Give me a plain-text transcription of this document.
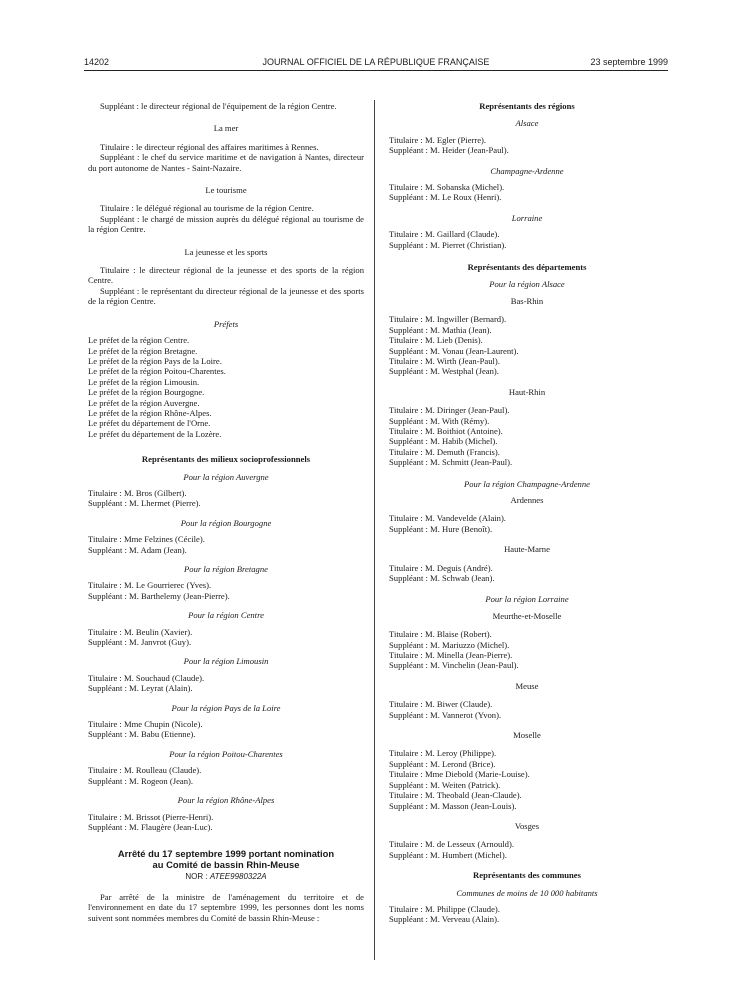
14202	JOURNAL OFFICIEL DE LA RÉPUBLIQUE FRANÇAISE	23 septembre 1999

Suppléant : le directeur régional de l'équipement de la région Centre.

La mer

Titulaire : le directeur régional des affaires maritimes à Rennes.

Suppléant : le chef du service maritime et de navigation à Nantes, directeur du port autonome de Nantes - Saint-Nazaire.

Le tourisme

Titulaire : le délégué régional au tourisme de la région Centre.

Suppléant : le chargé de mission auprès du délégué régional au tourisme de la région Centre.

La jeunesse et les sports

Titulaire : le directeur régional de la jeunesse et des sports de la région Centre.

Suppléant : le représentant du directeur régional de la jeunesse et des sports de la région Centre.

Préfets
Le préfet de la région Centre.
Le préfet de la région Bretagne.
Le préfet de la région Pays de la Loire.
Le préfet de la région Poitou-Charentes.
Le préfet de la région Limousin.
Le préfet de la région Bourgogne.
Le préfet de la région Auvergne.
Le préfet de la région Rhône-Alpes.
Le préfet du département de l'Orne.
Le préfet du département de la Lozère.
Représentants des milieux socioprofessionnels
Pour la région Auvergne
Titulaire : M. Bros (Gilbert).
Suppléant : M. Lhermet (Pierre).
Pour la région Bourgogne
Titulaire : Mme Felzines (Cécile).
Suppléant : M. Adam (Jean).
Pour la région Bretagne
Titulaire : M. Le Gourrierec (Yves).
Suppléant : M. Barthelemy (Jean-Pierre).
Pour la région Centre
Titulaire : M. Beulin (Xavier).
Suppléant : M. Janvrot (Guy).
Pour la région Limousin
Titulaire : M. Souchaud (Claude).
Suppléant : M. Leyrat (Alain).
Pour la région Pays de la Loire
Titulaire : Mme Chupin (Nicole).
Suppléant : M. Babu (Etienne).
Pour la région Poitou-Charentes
Titulaire : M. Roulleau (Claude).
Suppléant : M. Rogeon (Jean).
Pour la région Rhône-Alpes
Titulaire : M. Brissot (Pierre-Henri).
Suppléant : M. Flaugère (Jean-Luc).
Arrêté du 17 septembre 1999 portant nomination
au Comité de bassin Rhin-Meuse
NOR : ATEE9980322A

Par arrêté de la ministre de l'aménagement du territoire et de l'environnement en date du 17 septembre 1999, les personnes dont les noms suivent sont nommées membres du Comité de bassin Rhin-Meuse :

Représentants des régions
Alsace
Titulaire : M. Egler (Pierre).
Suppléant : M. Heider (Jean-Paul).
Champagne-Ardenne
Titulaire : M. Sobanska (Michel).
Suppléant : M. Le Roux (Henri).
Lorraine
Titulaire : M. Gaillard (Claude).
Suppléant : M. Pierret (Christian).
Représentants des départements
Pour la région Alsace
Bas-Rhin
Titulaire : M. Ingwiller (Bernard).
Suppléant : M. Mathia (Jean).
Titulaire : M. Lieb (Denis).
Suppléant : M. Vonau (Jean-Laurent).
Titulaire : M. Wirth (Jean-Paul).
Suppléant : M. Westphal (Jean).
Haut-Rhin
Titulaire : M. Diringer (Jean-Paul).
Suppléant : M. With (Rémy).
Titulaire : M. Boithiot (Antoine).
Suppléant : M. Habib (Michel).
Titulaire : M. Demuth (Francis).
Suppléant : M. Schmitt (Jean-Paul).
Pour la région Champagne-Ardenne
Ardennes
Titulaire : M. Vandevelde (Alain).
Suppléant : M. Hure (Benoît).
Haute-Marne
Titulaire : M. Deguis (André).
Suppléant : M. Schwab (Jean).
Pour la région Lorraine
Meurthe-et-Moselle
Titulaire : M. Blaise (Robert).
Suppléant : M. Mariuzzo (Michel).
Titulaire : M. Minella (Jean-Pierre).
Suppléant : M. Vinchelin (Jean-Paul).
Meuse
Titulaire : M. Biwer (Claude).
Suppléant : M. Vannerot (Yvon).
Moselle
Titulaire : M. Leroy (Philippe).
Suppléant : M. Lerond (Brice).
Titulaire : Mme Diebold (Marie-Louise).
Suppléant : M. Weiten (Patrick).
Titulaire : M. Theobald (Jean-Claude).
Suppléant : M. Masson (Jean-Louis).
Vosges
Titulaire : M. de Lesseux (Arnould).
Suppléant : M. Humbert (Michel).
Représentants des communes
Communes de moins de 10 000 habitants
Titulaire : M. Philippe (Claude).
Suppléant : M. Verveau (Alain).
